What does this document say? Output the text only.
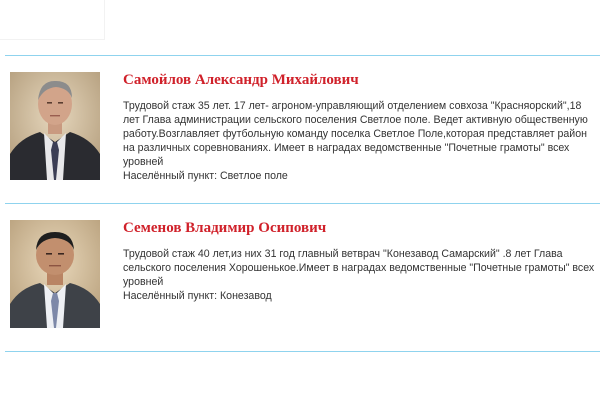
Самойлов Александр Михайлович

Трудовой стаж 35 лет. 17 лет- агроном-управляющий отделением совхоза "Красняорский",18 лет Глава администрации сельского поселения Светлое поле. Ведет активную общественную работу.Возглавляет футбольную команду поселка Светлое Поле,которая представляет район на различных соревнованиях. Имеет в наградах ведомственные "Почетные грамоты" всех уровней

Населённый пункт: Светлое поле

Семенов Владимир Осипович

Трудовой стаж 40 лет,из них 31 год главный ветврач "Конезавод Самарский" .8 лет Глава сельского поселения Хорошенькое.Имеет в наградах ведомственные "Почетные грамоты" всех уровней

Населённый пункт: Конезавод
